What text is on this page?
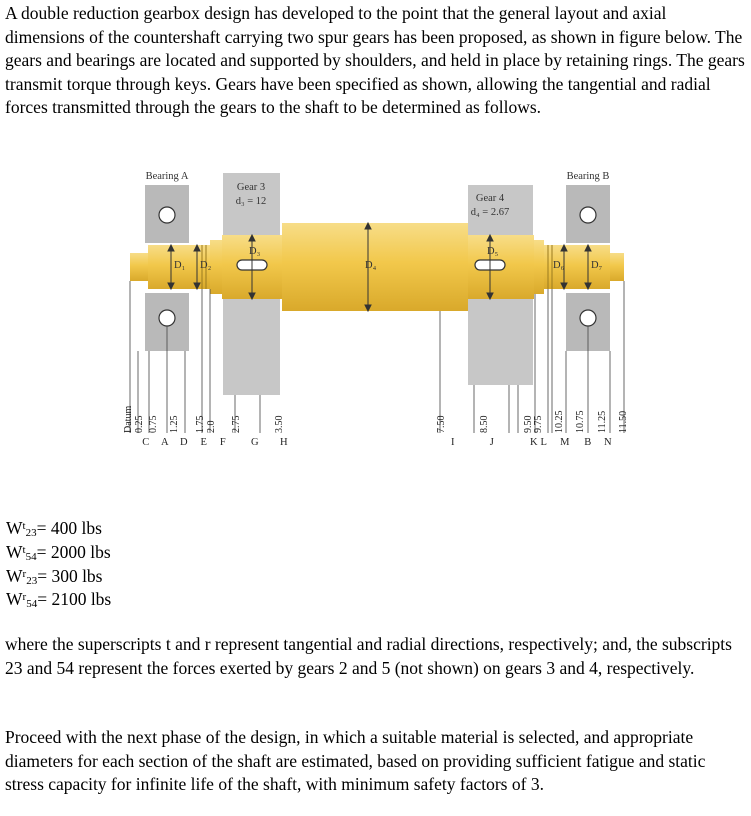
A double reduction gearbox design has developed to the point that the general layout and axial dimensions of the countershaft carrying two spur gears has been proposed, as shown in figure below. The gears and bearings are located and supported by shoulders, and held in place by retaining rings. The gears transmit torque through keys. Gears have been specified as shown, allowing the tangential and radial forces transmitted through the gears to the shaft to be determined as follows.

Bearing A	Bearing B
Gear 3
d₃ = 12	Gear 4
d₄ = 2.67
D₁ D₂
D₃
D₄
D₅
D₆	D₇
Datum 0.25 0.75 1.25 1.75 2.0 2.75	3.50	7.50	8.50	9.50 9.75 10.25 10.75 11.25 11.50
C A D E F G H	I	J	K L M B N
$W^t_{23}= 400$ lbs
$W^t_{54}= 2000$ lbs
$W^r_{23}= 300$ lbs
$W^r_{54}= 2100$ lbs

where the superscripts t and r represent tangential and radial directions, respectively; and, the subscripts 23 and 54 represent the forces exerted by gears 2 and 5 (not shown) on gears 3 and 4, respectively.

Proceed with the next phase of the design, in which a suitable material is selected, and appropriate diameters for each section of the shaft are estimated, based on providing sufficient fatigue and static stress capacity for infinite life of the shaft, with minimum safety factors of 3.
